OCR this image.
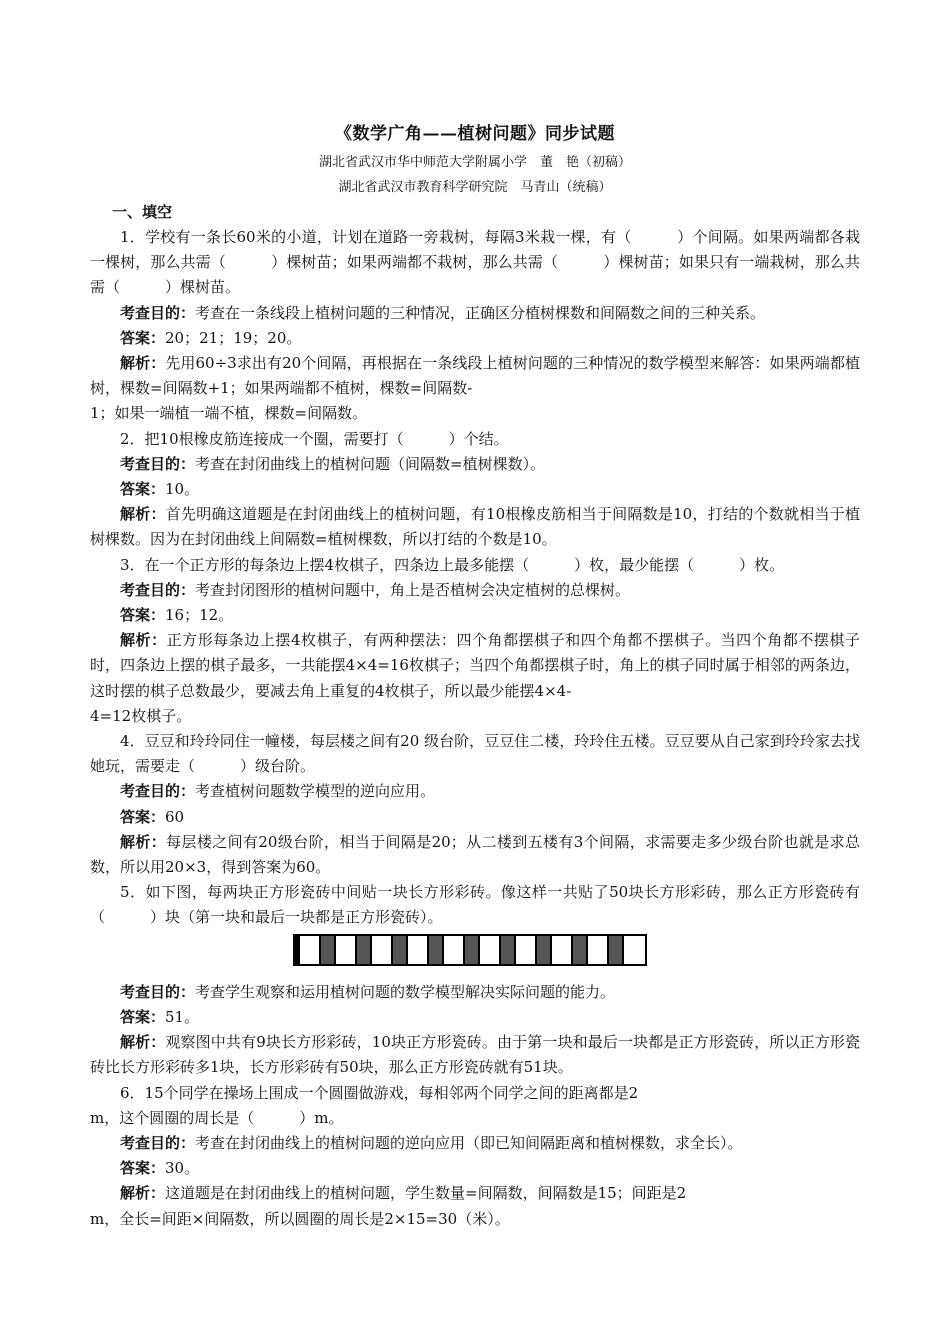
《数学广角——植树问题》同步试题
湖北省武汉市华中师范大学附属小学　董　艳（初稿）
湖北省武汉市教育科学研究院　马青山（统稿）
一、填空

1．学校有一条长60米的小道，计划在道路一旁栽树，每隔3米栽一棵，有（　　　）个间隔。如果两端都各栽一棵树，那么共需（　　　）棵树苗；如果两端都不栽树，那么共需（　　　）棵树苗；如果只有一端栽树，那么共需（　　　）棵树苗。

考查目的：考查在一条线段上植树问题的三种情况，正确区分植树棵数和间隔数之间的三种关系。

答案：20；21；19；20。

解析：先用60÷3求出有20个间隔，再根据在一条线段上植树问题的三种情况的数学模型来解答：如果两端都植树，棵数=间隔数+1；如果两端都不植树，棵数=间隔数-

1；如果一端植一端不植，棵数=间隔数。

2．把10根橡皮筋连接成一个圈，需要打（　　　）个结。

考查目的：考查在封闭曲线上的植树问题（间隔数=植树棵数）。

答案：10。

解析：首先明确这道题是在封闭曲线上的植树问题，有10根橡皮筋相当于间隔数是10，打结的个数就相当于植树棵数。因为在封闭曲线上间隔数=植树棵数，所以打结的个数是10。

3．在一个正方形的每条边上摆4枚棋子，四条边上最多能摆（　　　）枚，最少能摆（　　　）枚。

考查目的：考查封闭图形的植树问题中，角上是否植树会决定植树的总棵树。

答案：16；12。

解析：正方形每条边上摆4枚棋子，有两种摆法：四个角都摆棋子和四个角都不摆棋子。当四个角都不摆棋子时，四条边上摆的棋子最多，一共能摆4×4=16枚棋子；当四个角都摆棋子时，角上的棋子同时属于相邻的两条边，这时摆的棋子总数最少，要减去角上重复的4枚棋子，所以最少能摆4×4-

4=12枚棋子。

4．豆豆和玲玲同住一幢楼，每层楼之间有20 级台阶，豆豆住二楼，玲玲住五楼。豆豆要从自己家到玲玲家去找她玩，需要走（　　　）级台阶。

考查目的：考查植树问题数学模型的逆向应用。

答案：60

解析：每层楼之间有20级台阶，相当于间隔是20；从二楼到五楼有3个间隔，求需要走多少级台阶也就是求总数，所以用20×3，得到答案为60。

5．如下图，每两块正方形瓷砖中间贴一块长方形彩砖。像这样一共贴了50块长方形彩砖，那么正方形瓷砖有（　　　）块（第一块和最后一块都是正方形瓷砖）。

考查目的：考查学生观察和运用植树问题的数学模型解决实际问题的能力。

答案：51。

解析：观察图中共有9块长方形彩砖，10块正方形瓷砖。由于第一块和最后一块都是正方形瓷砖，所以正方形瓷砖比长方形彩砖多1块，长方形彩砖有50块，那么正方形瓷砖就有51块。

6．15个同学在操场上围成一个圆圈做游戏，每相邻两个同学之间的距离都是2

m，这个圆圈的周长是（　　　）m。

考查目的：考查在封闭曲线上的植树问题的逆向应用（即已知间隔距离和植树棵数，求全长）。

答案：30。

解析：这道题是在封闭曲线上的植树问题，学生数量=间隔数，间隔数是15；间距是2

m，全长=间距×间隔数，所以圆圈的周长是2×15=30（米）。
